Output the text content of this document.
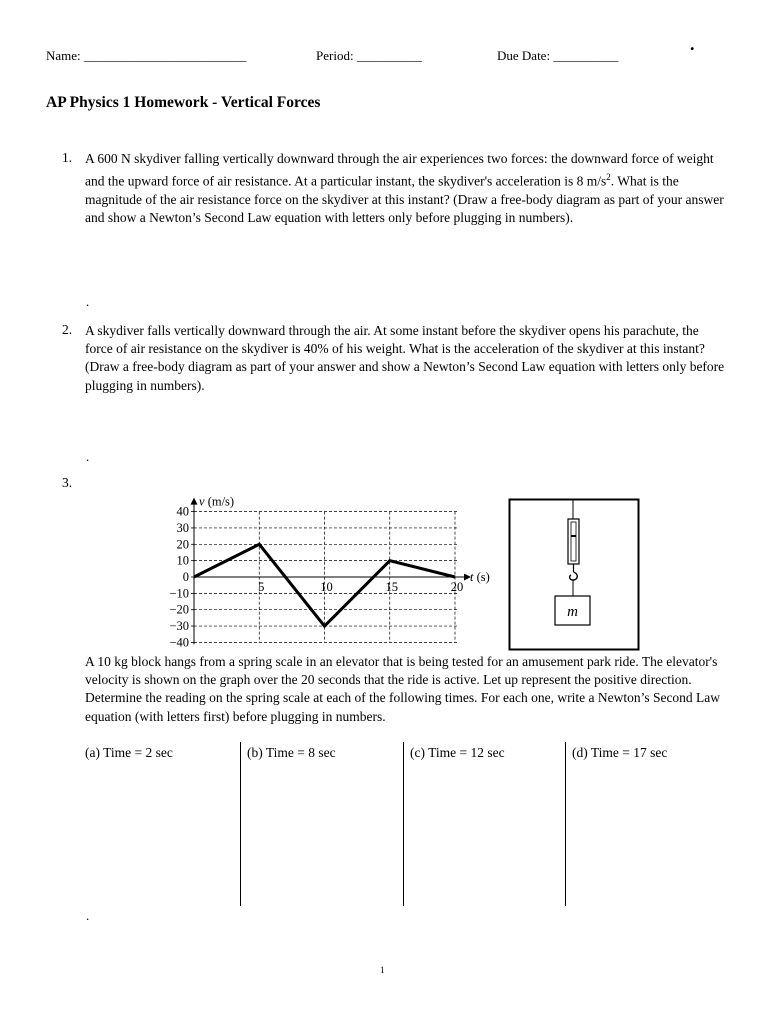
Name: _________________________	Period: __________	Due Date: __________
.
AP Physics 1 Homework - Vertical Forces
1. A 600 N skydiver falling vertically downward through the air experiences two forces: the downward force of weight and the upward force of air resistance. At a particular instant, the skydiver's acceleration is 8 $m/s^2$. What is the magnitude of the air resistance force on the skydiver at this instant? (Draw a free-body diagram as part of your answer and show a Newton’s Second Law equation with letters only before plugging in numbers).
.
2. A skydiver falls vertically downward through the air. At some instant before the skydiver opens his parachute, the force of air resistance on the skydiver is 40% of his weight. What is the acceleration of the skydiver at this instant? (Draw a free-body diagram as part of your answer and show a Newton’s Second Law equation with letters only before plugging in numbers).
.
3.
40
30
20
10
0
−10
−20
−30
−40
5	10	15	20
v (m/s)
t (s)
m
A 10 kg block hangs from a spring scale in an elevator that is being tested for an amusement park ride. The elevator's velocity is shown on the graph over the 20 seconds that the ride is active. Let up represent the positive direction. Determine the reading on the spring scale at each of the following times. For each one, write a Newton’s Second Law equation (with letters first) before plugging in numbers.
(a) Time = 2 sec	(b) Time = 8 sec	(c) Time = 12 sec	(d) Time = 17 sec
.
1
